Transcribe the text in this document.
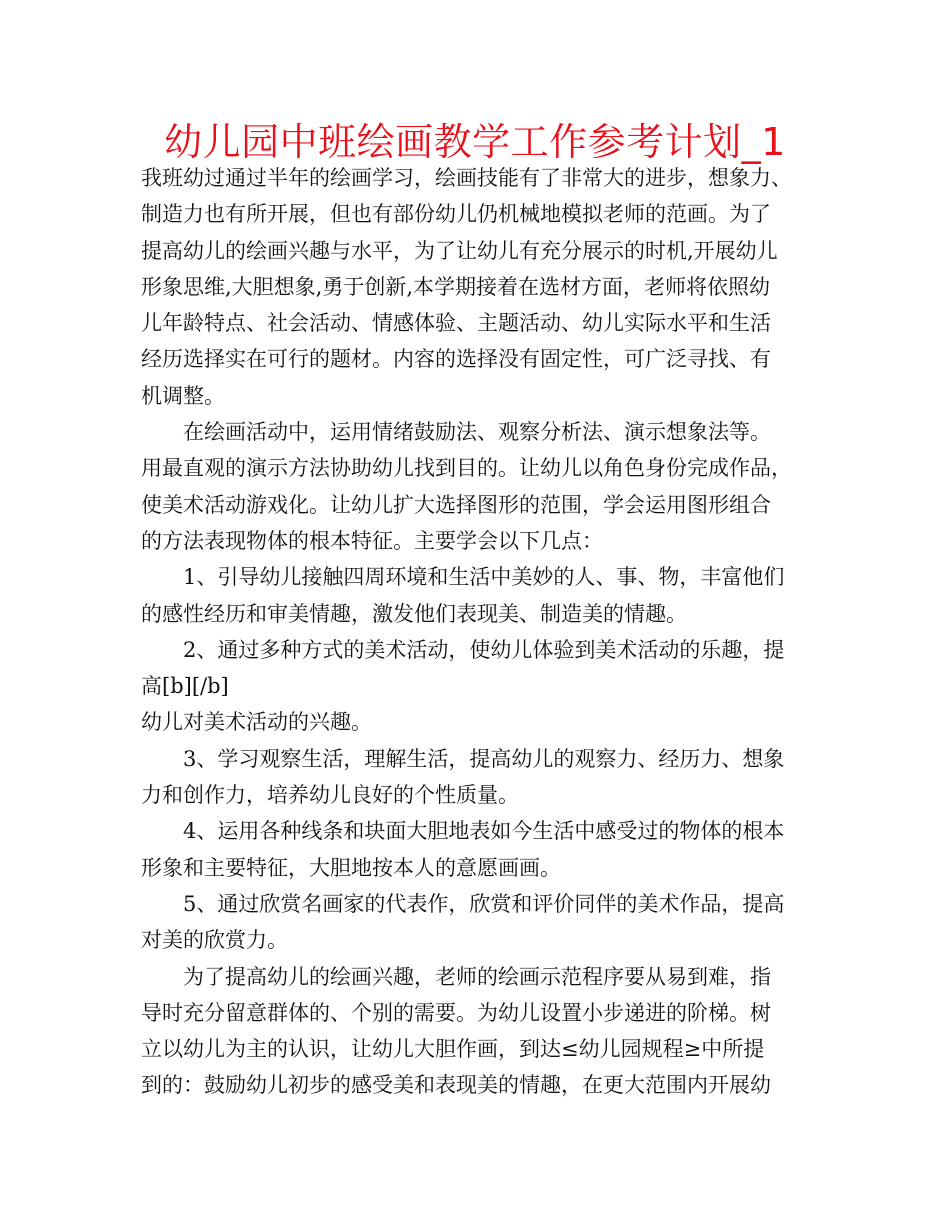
幼儿园中班绘画教学工作参考计划_1
我班幼过通过半年的绘画学习，绘画技能有了非常大的进步，想象力、
制造力也有所开展，但也有部份幼儿仍机械地模拟老师的范画。为了
提高幼儿的绘画兴趣与水平，为了让幼儿有充分展示的时机,开展幼儿
形象思维,大胆想象,勇于创新,本学期接着在选材方面，老师将依照幼
儿年龄特点、社会活动、情感体验、主题活动、幼儿实际水平和生活
经历选择实在可行的题材。内容的选择没有固定性，可广泛寻找、有
机调整。
　　在绘画活动中，运用情绪鼓励法、观察分析法、演示想象法等。
用最直观的演示方法协助幼儿找到目的。让幼儿以角色身份完成作品，
使美术活动游戏化。让幼儿扩大选择图形的范围，学会运用图形组合
的方法表现物体的根本特征。主要学会以下几点：
　　1、引导幼儿接触四周环境和生活中美妙的人、事、物，丰富他们
的感性经历和审美情趣，激发他们表现美、制造美的情趣。
　　2、通过多种方式的美术活动，使幼儿体验到美术活动的乐趣，提
高[b][/b]
幼儿对美术活动的兴趣。
　　3、学习观察生活，理解生活，提高幼儿的观察力、经历力、想象
力和创作力，培养幼儿良好的个性质量。
　　4、运用各种线条和块面大胆地表如今生活中感受过的物体的根本
形象和主要特征，大胆地按本人的意愿画画。
　　5、通过欣赏名画家的代表作，欣赏和评价同伴的美术作品，提高
对美的欣赏力。
　　为了提高幼儿的绘画兴趣，老师的绘画示范程序要从易到难，指
导时充分留意群体的、个别的需要。为幼儿设置小步递进的阶梯。树
立以幼儿为主的认识，让幼儿大胆作画，到达≤幼儿园规程≥中所提
到的：鼓励幼儿初步的感受美和表现美的情趣，在更大范围内开展幼
